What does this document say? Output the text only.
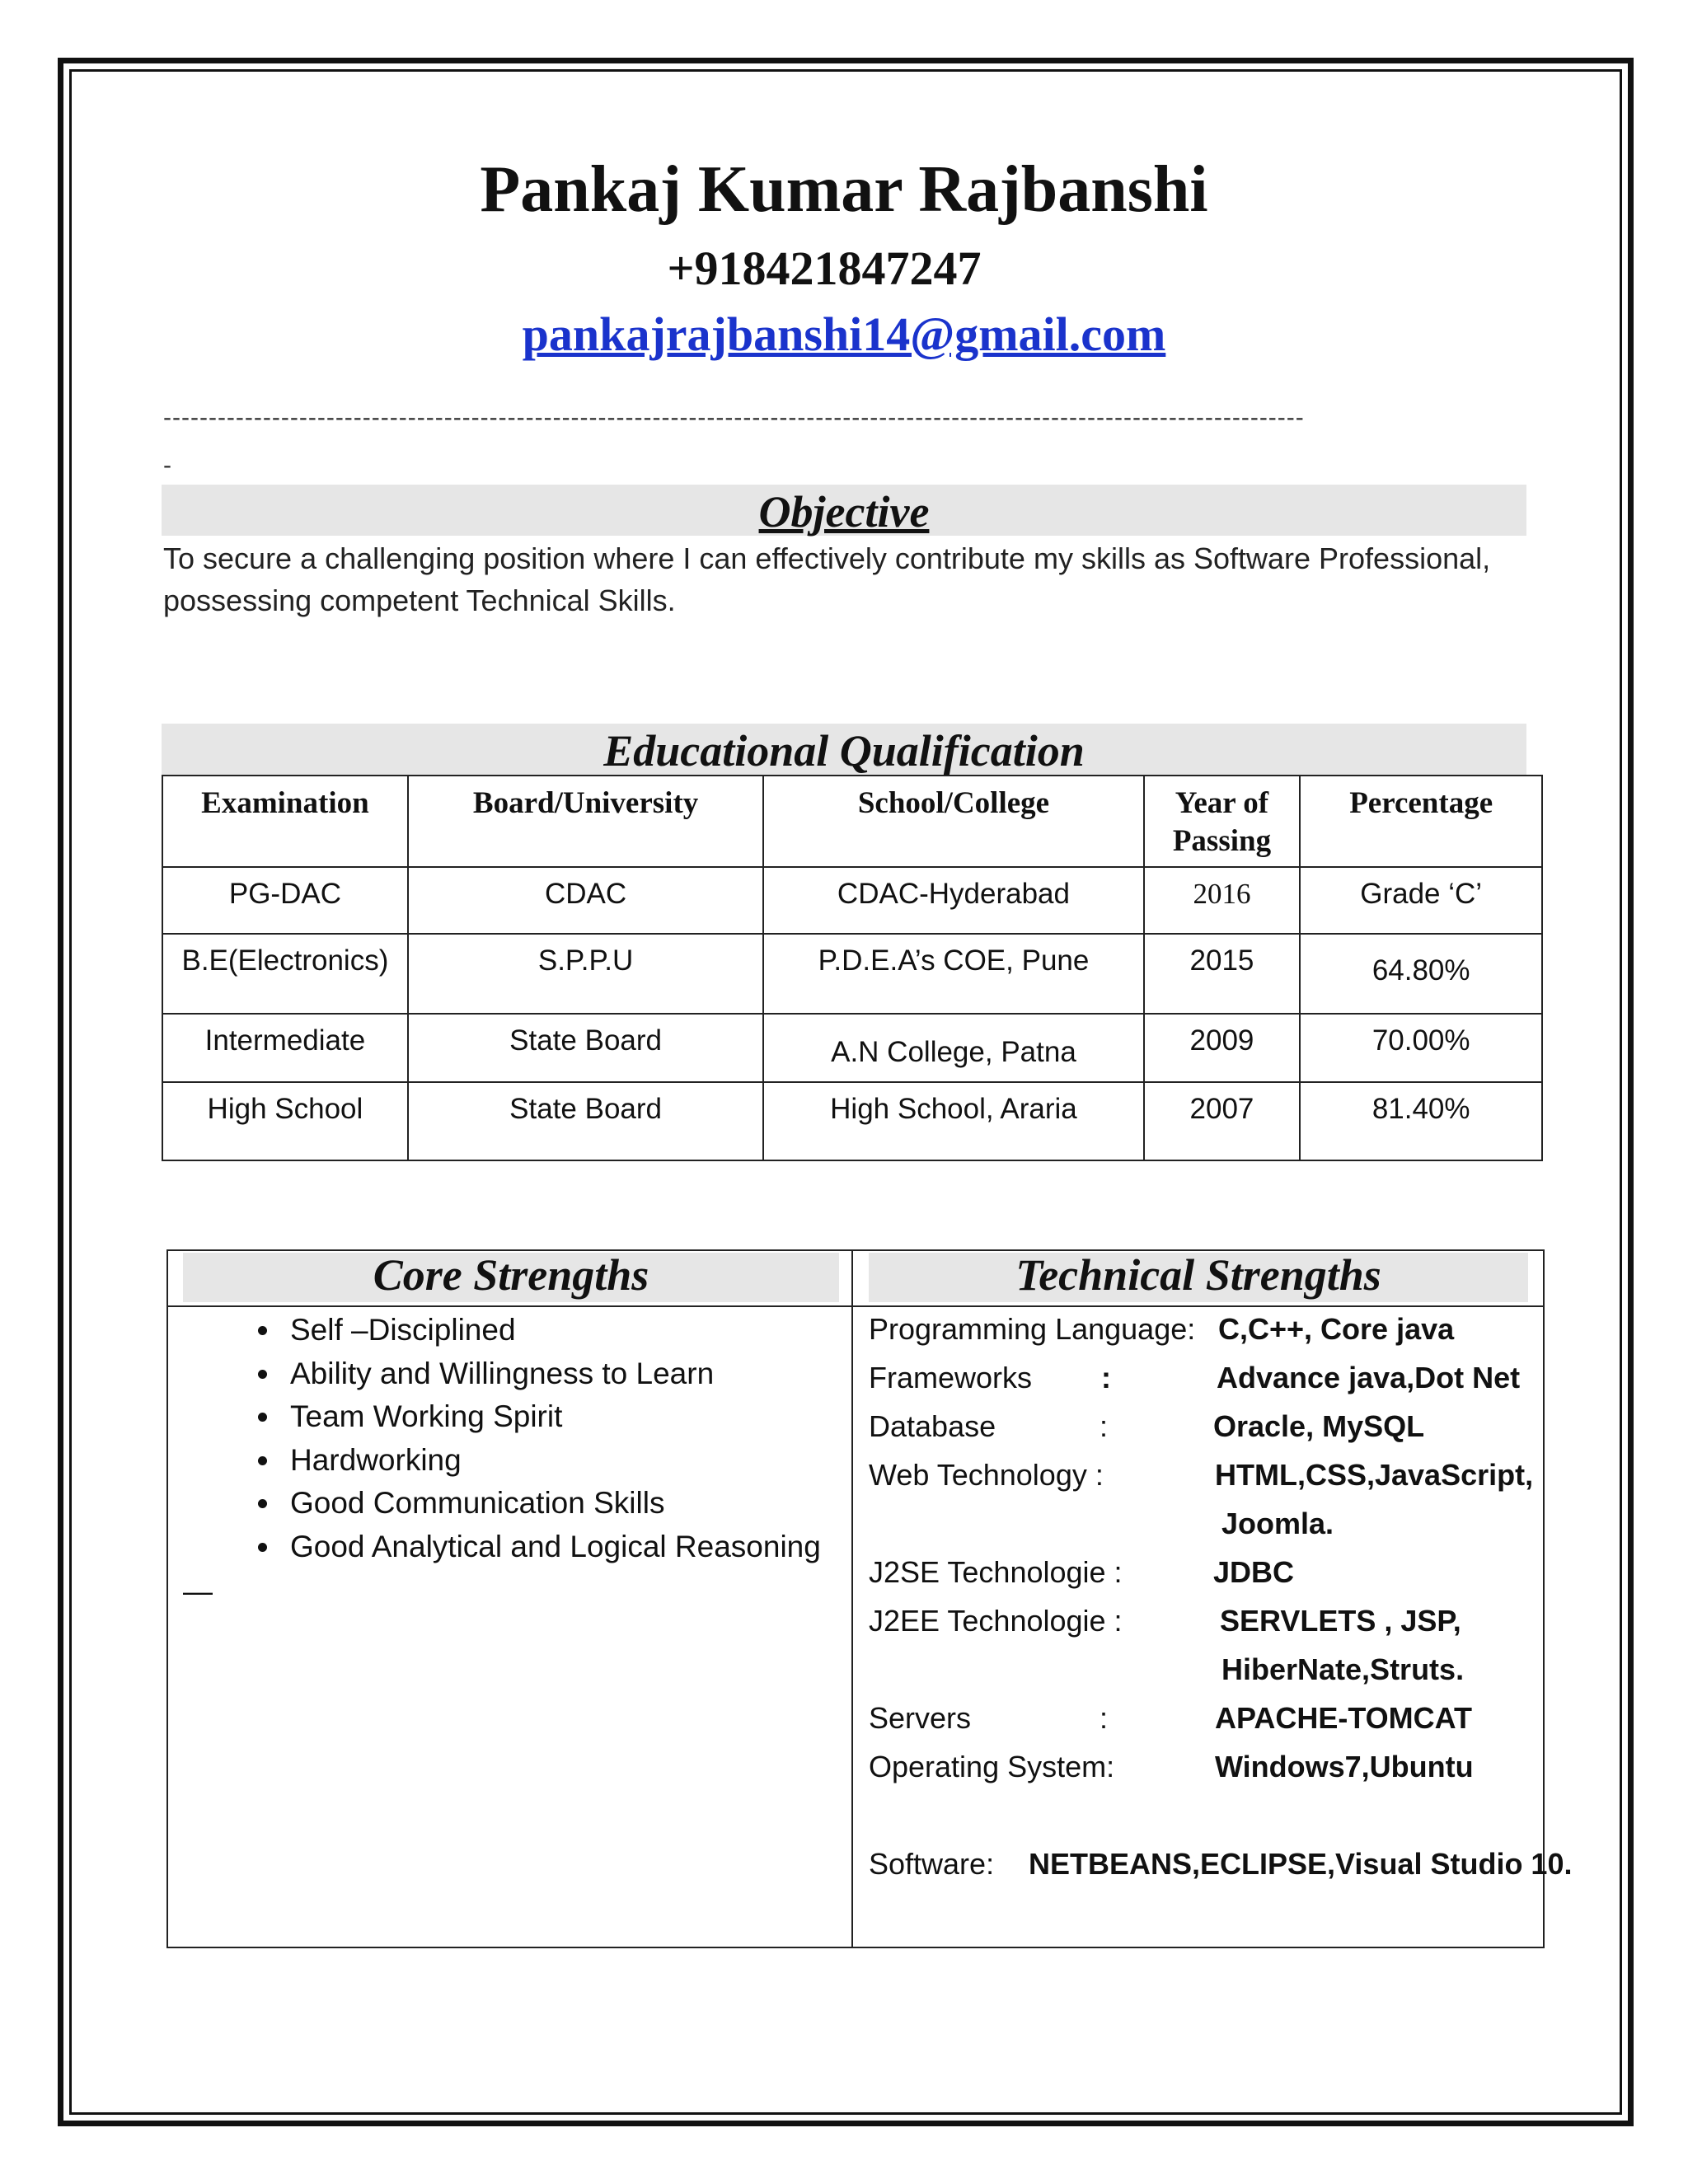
Pankaj Kumar Rajbanshi
+918421847247
pankajrajbanshi14@gmail.com
------------------------------------------------------------------------------------------------------------------------------
-
Objective
To secure a challenging position where I can effectively contribute my skills as Software Professional, possessing competent Technical Skills.
Educational Qualification
Examination	Board/University	School/College	Year of Passing	Percentage
PG-DAC	CDAC	CDAC-Hyderabad	2016	Grade ‘C’
B.E(Electronics)	S.P.P.U	P.D.E.A’s COE, Pune	2015	64.80%
Intermediate	State Board	A.N College, Patna	2009	70.00%
High School	State Board	High School, Araria	2007	81.40%
Core Strengths	Technical Strengths
• Self –Disciplined
• Ability and Willingness to Learn
• Team Working Spirit
• Hardworking
• Good Communication Skills
• Good Analytical and Logical Reasoning
—
Programming Language: C,C++, Core java
Frameworks :	Advance java,Dot Net
Database	:	Oracle, MySQL
Web Technology :	HTML,CSS,JavaScript,
Joomla.
J2SE Technologie :	JDBC
J2EE Technologie :	SERVLETS , JSP,
HiberNate,Struts.
Servers	:	APACHE-TOMCAT
Operating System:	Windows7,Ubuntu
Software: NETBEANS,ECLIPSE,Visual Studio 10.
